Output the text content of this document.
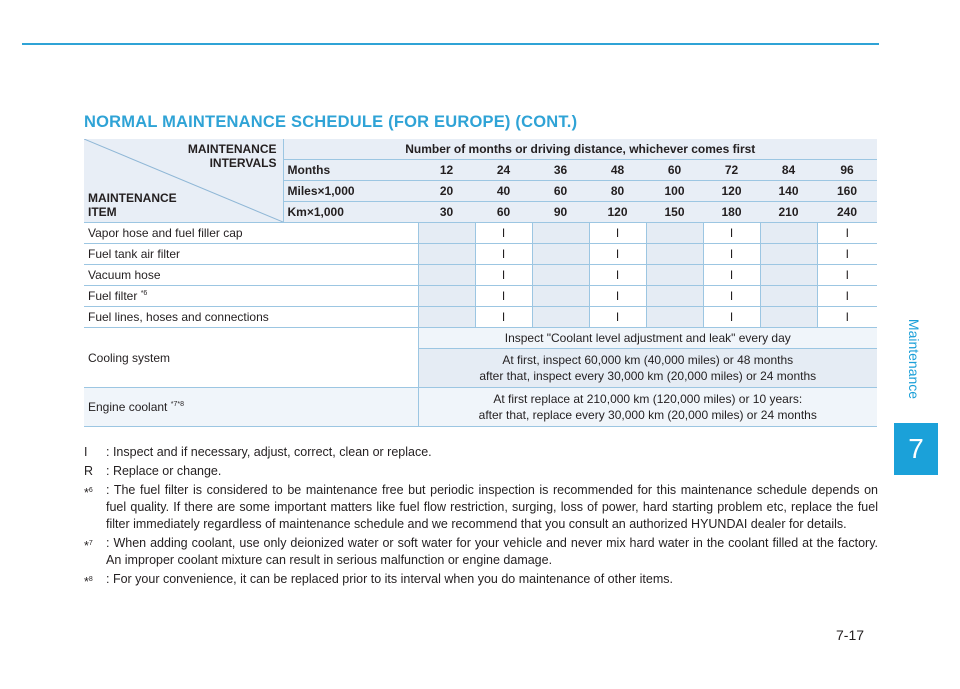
Maintenance
7
NORMAL MAINTENANCE SCHEDULE (FOR EUROPE) (CONT.)
MAINTENANCE
INTERVALS
MAINTENANCE
ITEM	Number of months or driving distance, whichever comes first								
	Months	12	24	36	48	60	72	84	96
	Miles×1,000	20	40	60	80	100	120	140	160
	Km×1,000	30	60	90	120	150	180	210	240
Vapor hose and fuel filler cap			I		I		I		I
Fuel tank air filter			I		I		I		I
Vacuum hose			I		I		I		I
Fuel filter $^{*6}$			I		I		I		I
Fuel lines, hoses and connections			I		I		I		I
Cooling system		Inspect "Coolant level adjustment and leak" every day							

		At first, inspect 60,000 km (40,000 miles) or 48 months
after that, inspect every 30,000 km (20,000 miles) or 24 months							

Engine coolant $^{*7*8}$		At first replace at 210,000 km (120,000 miles) or 10 years:
after that, replace every 30,000 km (20,000 miles) or 24 months							
I	: Inspect and if necessary, adjust, correct, clean or replace.
R	: Replace or change.
*$^6$	: The fuel filter is considered to be maintenance free but periodic inspection is recommended for this maintenance schedule depends on fuel quality. If there are some important matters like fuel flow restriction, surging, loss of power, hard starting problem etc, replace the fuel filter immediately regardless of maintenance schedule and we recommend that you consult an authorized HYUNDAI dealer for details.
*$^7$	: When adding coolant, use only deionized water or soft water for your vehicle and never mix hard water in the coolant filled at the factory. An improper coolant mixture can result in serious malfunction or engine damage.
*$^8$	: For your convenience, it can be replaced prior to its interval when you do maintenance of other items.
7-17
